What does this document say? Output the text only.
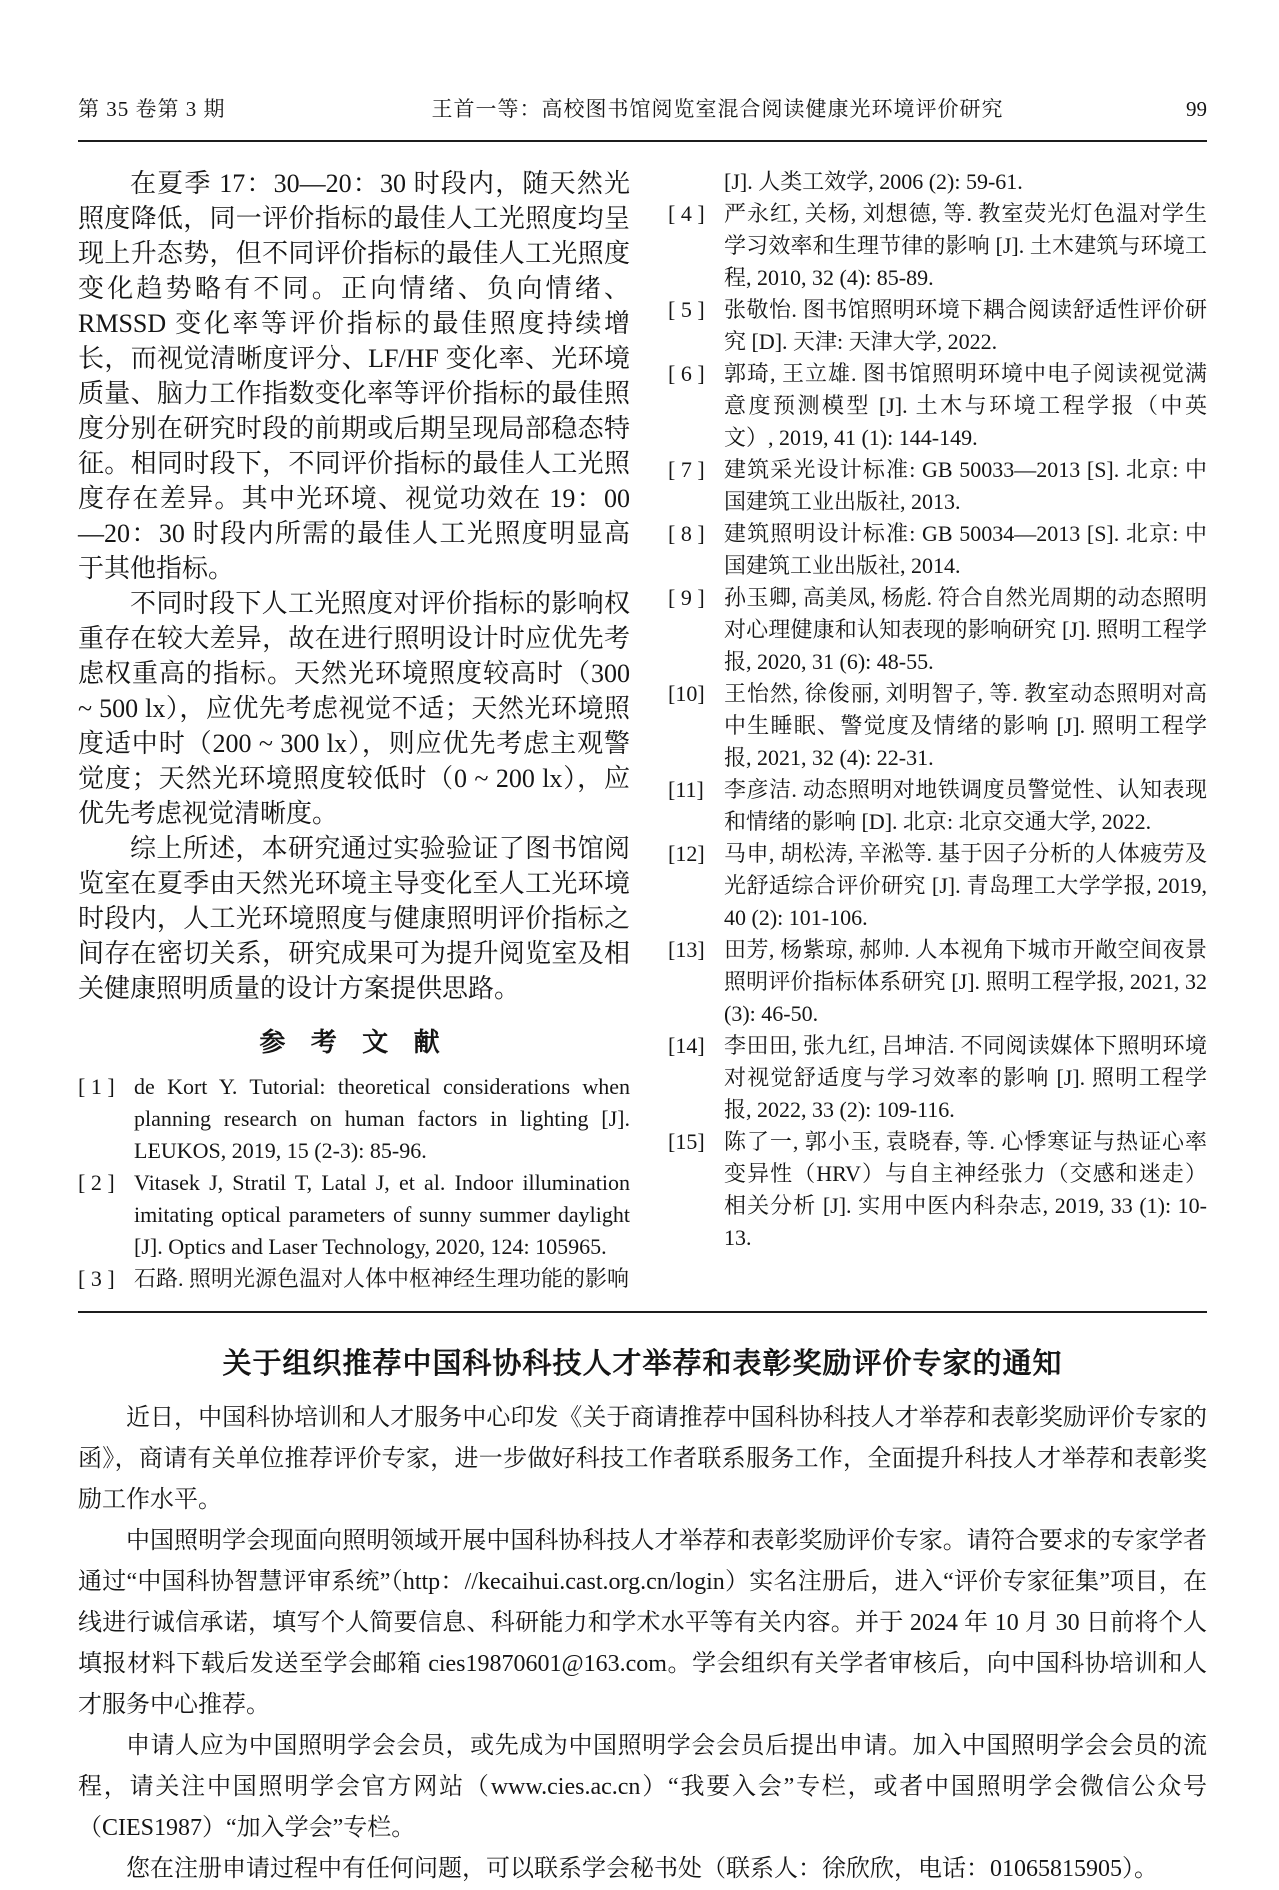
第 35 卷第 3 期	王首一等：高校图书馆阅览室混合阅读健康光环境评价研究	99

在夏季 17：30—20：30 时段内，随天然光照度降低，同一评价指标的最佳人工光照度均呈现上升态势，但不同评价指标的最佳人工光照度变化趋势略有不同。正向情绪、负向情绪、RMSSD 变化率等评价指标的最佳照度持续增长，而视觉清晰度评分、LF/HF 变化率、光环境质量、脑力工作指数变化率等评价指标的最佳照度分别在研究时段的前期或后期呈现局部稳态特征。相同时段下，不同评价指标的最佳人工光照度存在差异。其中光环境、视觉功效在 19：00—20：30 时段内所需的最佳人工光照度明显高于其他指标。

不同时段下人工光照度对评价指标的影响权重存在较大差异，故在进行照明设计时应优先考虑权重高的指标。天然光环境照度较高时（300 ~ 500 lx），应优先考虑视觉不适；天然光环境照度适中时（200 ~ 300 lx），则应优先考虑主观警觉度；天然光环境照度较低时（0 ~ 200 lx），应优先考虑视觉清晰度。

综上所述，本研究通过实验验证了图书馆阅览室在夏季由天然光环境主导变化至人工光环境时段内，人工光环境照度与健康照明评价指标之间存在密切关系，研究成果可为提升阅览室及相关健康照明质量的设计方案提供思路。

参 考 文 献

[ 1 ] de Kort Y. Tutorial: theoretical considerations when planning research on human factors in lighting [J]. LEUKOS, 2019, 15 (2-3): 85-96.

[ 2 ] Vitasek J, Stratil T, Latal J, et al. Indoor illumination imitating optical parameters of sunny summer daylight [J]. Optics and Laser Technology, 2020, 124: 105965.

[ 3 ] 石路. 照明光源色温对人体中枢神经生理功能的影响

[J]. 人类工效学, 2006 (2): 59-61.

[ 4 ] 严永红, 关杨, 刘想德, 等. 教室荧光灯色温对学生学习效率和生理节律的影响 [J]. 土木建筑与环境工程, 2010, 32 (4): 85-89.

[ 5 ] 张敬怡. 图书馆照明环境下耦合阅读舒适性评价研究 [D]. 天津: 天津大学, 2022.

[ 6 ] 郭琦, 王立雄. 图书馆照明环境中电子阅读视觉满意度预测模型 [J]. 土木与环境工程学报（中英文）, 2019, 41 (1): 144-149.

[ 7 ] 建筑采光设计标准: GB 50033—2013 [S]. 北京: 中国建筑工业出版社, 2013.

[ 8 ] 建筑照明设计标准: GB 50034—2013 [S]. 北京: 中国建筑工业出版社, 2014.

[ 9 ] 孙玉卿, 高美凤, 杨彪. 符合自然光周期的动态照明对心理健康和认知表现的影响研究 [J]. 照明工程学报, 2020, 31 (6): 48-55.

[10] 王怡然, 徐俊丽, 刘明智子, 等. 教室动态照明对高中生睡眠、警觉度及情绪的影响 [J]. 照明工程学报, 2021, 32 (4): 22-31.

[11] 李彦洁. 动态照明对地铁调度员警觉性、认知表现和情绪的影响 [D]. 北京: 北京交通大学, 2022.

[12] 马申, 胡松涛, 辛淞等. 基于因子分析的人体疲劳及光舒适综合评价研究 [J]. 青岛理工大学学报, 2019, 40 (2): 101-106.

[13] 田芳, 杨紫琼, 郝帅. 人本视角下城市开敞空间夜景照明评价指标体系研究 [J]. 照明工程学报, 2021, 32 (3): 46-50.

[14] 李田田, 张九红, 吕坤洁. 不同阅读媒体下照明环境对视觉舒适度与学习效率的影响 [J]. 照明工程学报, 2022, 33 (2): 109-116.

[15] 陈了一, 郭小玉, 袁晓春, 等. 心悸寒证与热证心率变异性（HRV）与自主神经张力（交感和迷走）相关分析 [J]. 实用中医内科杂志, 2019, 33 (1): 10-13.

关于组织推荐中国科协科技人才举荐和表彰奖励评价专家的通知

近日，中国科协培训和人才服务中心印发《关于商请推荐中国科协科技人才举荐和表彰奖励评价专家的函》，商请有关单位推荐评价专家，进一步做好科技工作者联系服务工作，全面提升科技人才举荐和表彰奖励工作水平。

中国照明学会现面向照明领域开展中国科协科技人才举荐和表彰奖励评价专家。请符合要求的专家学者通过“中国科协智慧评审系统”（http：//kecaihui.cast.org.cn/login）实名注册后，进入“评价专家征集”项目，在线进行诚信承诺，填写个人简要信息、科研能力和学术水平等有关内容。并于 2024 年 10 月 30 日前将个人填报材料下载后发送至学会邮箱 cies19870601@163.com。学会组织有关学者审核后，向中国科协培训和人才服务中心推荐。

申请人应为中国照明学会会员，或先成为中国照明学会会员后提出申请。加入中国照明学会会员的流程，请关注中国照明学会官方网站（www.cies.ac.cn）“我要入会”专栏，或者中国照明学会微信公众号（CIES1987）“加入学会”专栏。

您在注册申请过程中有任何问题，可以联系学会秘书处（联系人：徐欣欣，电话：01065815905）。
